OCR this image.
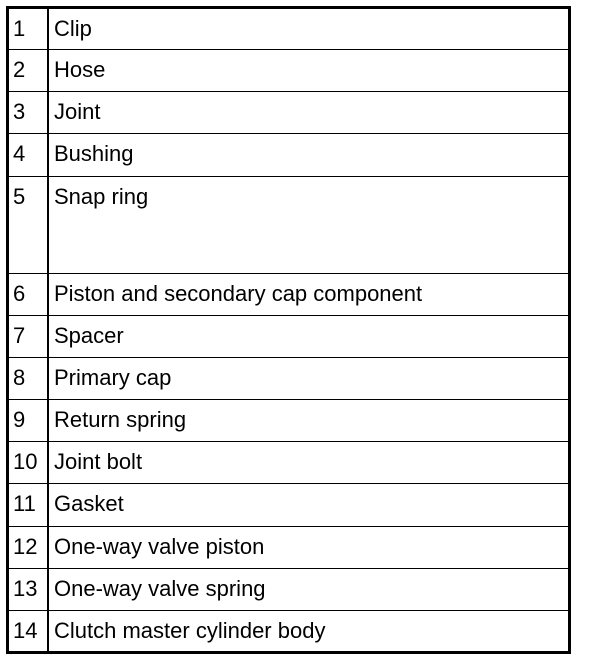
1	Clip
2	Hose
3	Joint
4	Bushing
5	Snap ring
6	Piston and secondary cap component
7	Spacer
8	Primary cap
9	Return spring
10	Joint bolt
11	Gasket
12	One-way valve piston
13	One-way valve spring
14	Clutch master cylinder body
